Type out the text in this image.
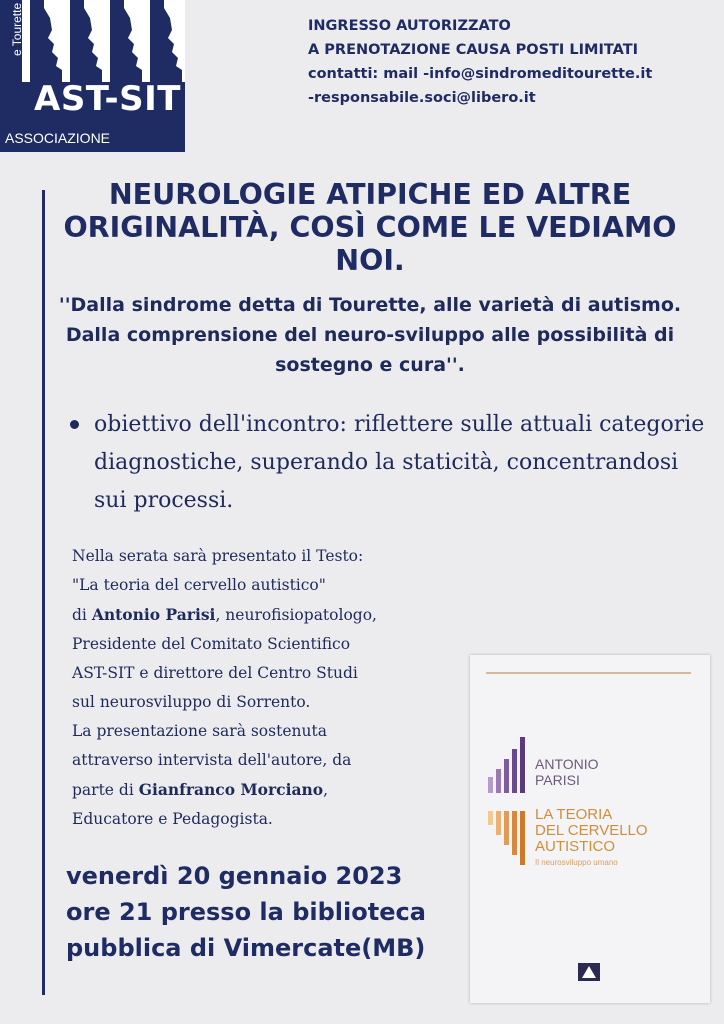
e Tourette
AST-SIT
ASSOCIAZIONE
INGRESSO AUTORIZZATO
A PRENOTAZIONE CAUSA POSTI LIMITATI
contatti: mail -info@sindromeditourette.it
-responsabile.soci@libero.it
NEUROLOGIE ATIPICHE ED ALTRE ORIGINALITÀ, COSÌ COME LE VEDIAMO NOI.
''Dalla sindrome detta di Tourette, alle varietà di autismo. Dalla comprensione del neuro-sviluppo alle possibilità di sostegno e cura''.
obiettivo dell'incontro: riflettere sulle attuali categorie diagnostiche, superando la staticità, concentrandosi sui processi.
Nella serata sarà presentato il Testo:
"La teoria del cervello autistico"
di Antonio Parisi, neurofisiopatologo,
Presidente del Comitato Scientifico
AST-SIT e direttore del Centro Studi
sul neurosviluppo di Sorrento.
La presentazione sarà sostenuta
attraverso intervista dell'autore, da
parte di Gianfranco Morciano,
Educatore e Pedagogista.
venerdì 20 gennaio 2023
ore 21 presso la biblioteca
pubblica di Vimercate(MB)
ANTONIO
PARISI
LA TEORIA
DEL CERVELLO
AUTISTICO
Il neurosviluppo umano
